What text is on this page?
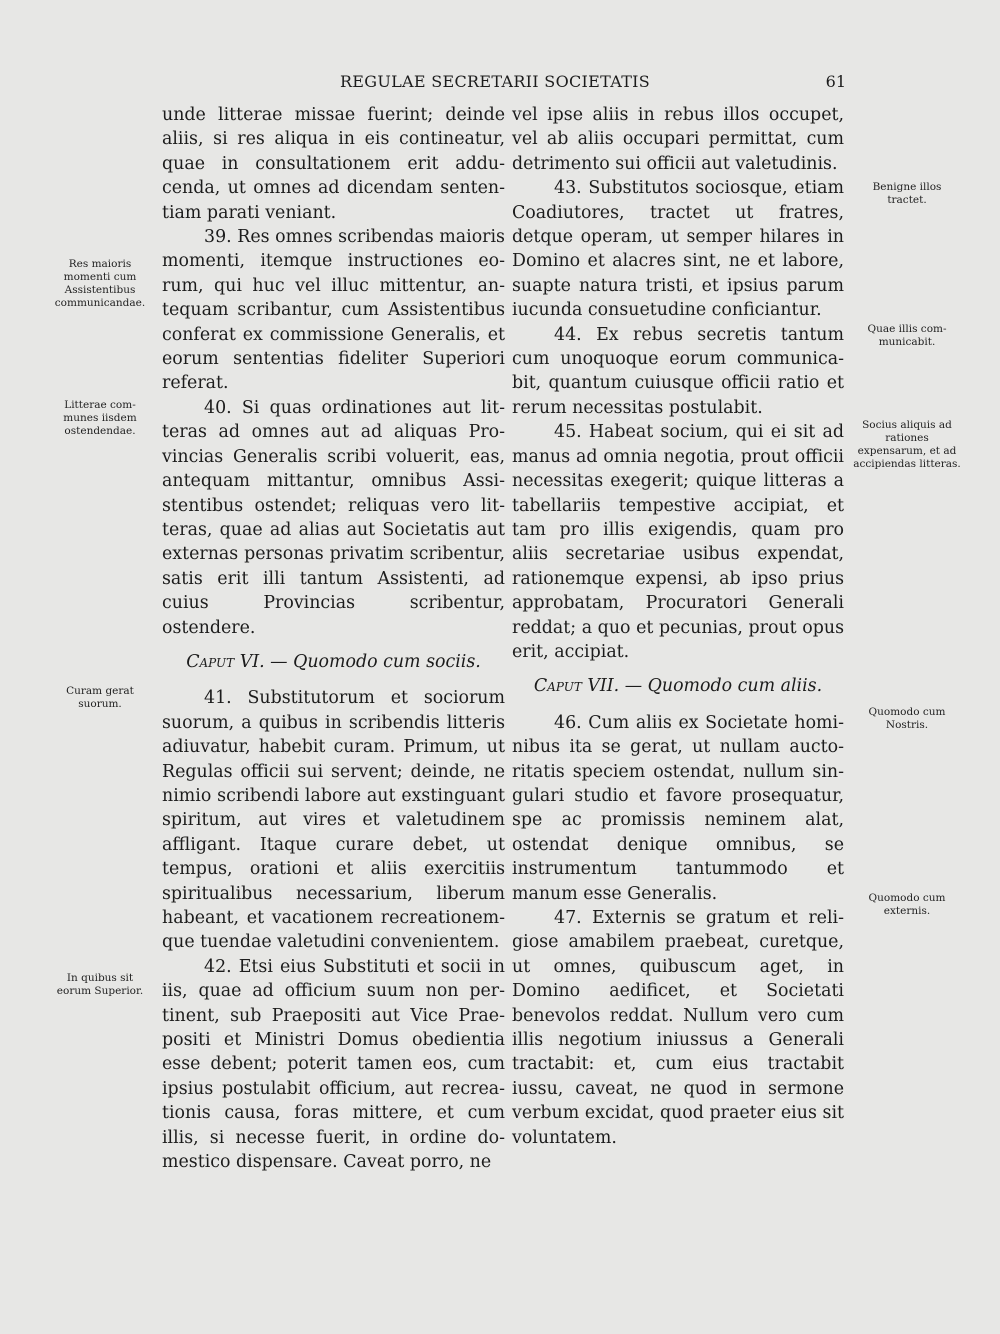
REGULAE SECRETARII SOCIETATIS	61

unde litterae missae fuerint; deinde aliis, si res aliqua in eis contineatur, quae in consultationem erit adducenda, ut omnes ad dicendam sententiam parati veniant.

39. Res omnes scribendas maioris momenti, itemque instructiones eorum, qui huc vel illuc mittentur, antequam scribantur, cum Assistentibus conferat ex commissione Generalis, et eorum sententias fideliter Superiori referat.

40. Si quas ordinationes aut litteras ad omnes aut ad aliquas Provincias Generalis scribi voluerit, eas, antequam mittantur, omnibus Assistentibus ostendet; reliquas vero litteras, quae ad alias aut Societatis aut externas personas privatim scribentur, satis erit illi tantum Assistenti, ad cuius Provincias scribentur, ostendere.

Caput VI. — Quomodo cum sociis.

41. Substitutorum et sociorum suorum, a quibus in scribendis litteris adiuvatur, habebit curam. Primum, ut Regulas officii sui servent; deinde, ne nimio scribendi labore aut exstinguant spiritum, aut vires et valetudinem affligant. Itaque curare debet, ut tempus, orationi et aliis exercitiis spiritualibus necessarium, liberum habeant, et vacationem recreationemque tuendae valetudini convenientem.

42. Etsi eius Substituti et socii in iis, quae ad officium suum non pertinent, sub Praepositi aut Vice Praepositi et Ministri Domus obedientia esse debent; poterit tamen eos, cum ipsius postulabit officium, aut recreationis causa, foras mittere, et cum illis, si necesse fuerit, in ordine domestico dispensare. Caveat porro, ne

vel ipse aliis in rebus illos occupet, vel ab aliis occupari permittat, cum detrimento sui officii aut valetudinis.

43. Substitutos sociosque, etiam Coadiutores, tractet ut fratres, detque operam, ut semper hilares in Domino et alacres sint, ne et labore, suapte natura tristi, et ipsius parum iucunda consuetudine conficiantur.

44. Ex rebus secretis tantum cum unoquoque eorum communicabit, quantum cuiusque officii ratio et rerum necessitas postulabit.

45. Habeat socium, qui ei sit ad manus ad omnia negotia, prout officii necessitas exegerit; quique litteras a tabellariis tempestive accipiat, et tam pro illis exigendis, quam pro aliis secretariae usibus expendat, rationemque expensi, ab ipso prius approbatam, Procuratori Generali reddat; a quo et pecunias, prout opus erit, accipiat.

Caput VII. — Quomodo cum aliis.

46. Cum aliis ex Societate hominibus ita se gerat, ut nullam auctoritatis speciem ostendat, nullum singulari studio et favore prosequatur, spe ac promissis neminem alat, ostendat denique omnibus, se instrumentum tantummodo et manum esse Generalis.

47. Externis se gratum et religiose amabilem praebeat, curetque, ut omnes, quibuscum aget, in Domino aedificet, et Societati benevolos reddat. Nullum vero cum illis negotium iniussus a Generali tractabit: et, cum eius tractabit iussu, caveat, ne quod in sermone verbum excidat, quod praeter eius sit voluntatem.

Res maioris momenti cum Assistentibus communicandae.
Litterae communes iisdem ostendendae.
Curam gerat suorum.
In quibus sit eorum Superior.
Benigne illos tractet.
Quae illis communicabit.
Socius aliquis ad rationes expensarum, et ad accipiendas litteras.
Quomodo cum Nostris.
Quomodo cum externis.
